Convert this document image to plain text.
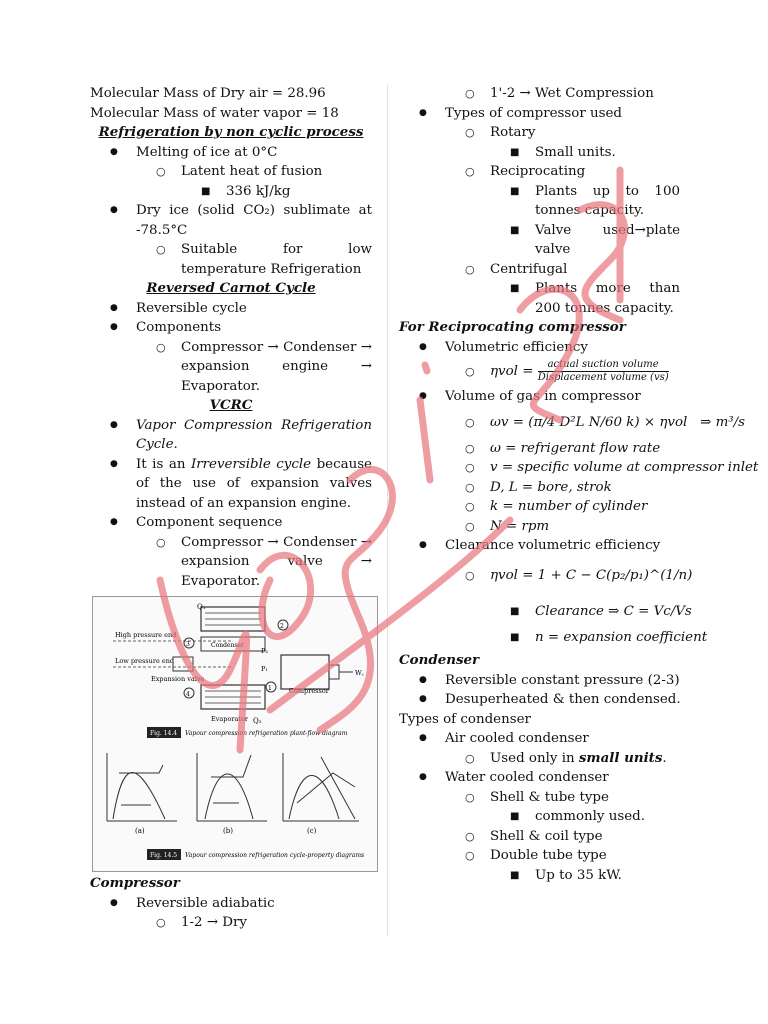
Molecular Mass of Dry air = 28.96
Molecular Mass of water vapor = 18
Refrigeration by non cyclic process
● Melting of ice at 0°C
○ Latent heat of fusion
■ 336 kJ/kg
● Dry ice (solid CO₂) sublimate at -78.5°C
○ Suitable for low temperature Refrigeration
Reversed Carnot Cycle
● Reversible cycle
● Components
○ Compressor → Condenser → expansion engine → Evaporator.
VCRC
● Vapor Compression Refrigeration Cycle.
● It is an Irreversible cycle because of the use of expansion valves instead of an expansion engine.
● Component sequence
○ Compressor → Condenser → expansion valve → Evaporator.
Q₁
High pressure end
Condenser
3
2
Low pressure end
Expansion valve
P₂
P₁	W꜀
Compressor
1
4
Evaporator Q₂
Fig. 14.4 Vapour compression refrigeration plant-flow diagram
(a)	(b)	(c)
Fig. 14.5 Vapour compression refrigeration cycle-property diagrams
Compressor
● Reversible adiabatic
○ 1-2 → Dry
○ 1'-2 → Wet Compression
● Types of compressor used
○ Rotary
■ Small units.
○ Reciprocating
■ Plants up to 100 tonnes capacity.
■ Valve used→plate valve
○ Centrifugal
■ Plants more than 200 tonnes capacity.
For Reciprocating compressor
● Volumetric efficiency
○ $\eta vol = \frac{\text{actual suction volume}}{\text{Displacement volume (vs)}}$
● Volume of gas in compressor
○ ωv = (π/4 D²L N/60 k) × ηvol ⇒ m³/s
○ ω = refrigerant flow rate
○ v = specific volume at compressor inlet
○ D, L = bore, strok
○ k = number of cylinder
○ N = rpm
● Clearance volumetric efficiency
○ ηvol = 1 + C − C(p₂/p₁)^(1/n)
■ Clearance ⇒ C = Vc/Vs
■ n = expansion coefficient
Condenser
● Reversible constant pressure (2-3)
● Desuperheated & then condensed.
Types of condenser
● Air cooled condenser
○ Used only in small units.
● Water cooled condenser
○ Shell & tube type
■ commonly used.
○ Shell & coil type
○ Double tube type
■ Up to 35 kW.
